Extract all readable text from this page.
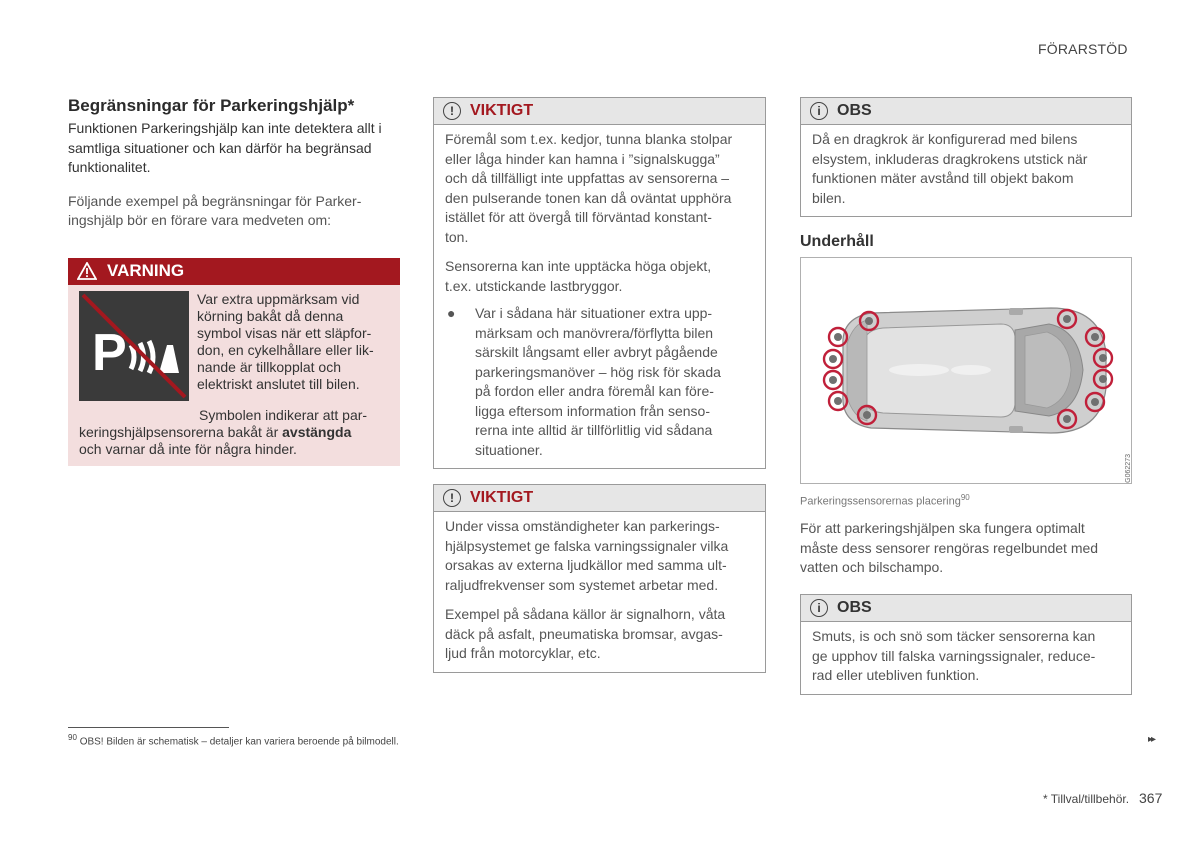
FÖRARSTÖD
Begränsningar för Parkeringshjälp*

Funktionen Parkeringshjälp kan inte detektera allt i samtliga situationer och kan därför ha begränsad funktionalitet.

Följande exempel på begränsningar för Parker-
ingshjälp bör en förare vara medveten om:

VARNING
P
Var extra uppmärksam vid
körning bakåt då denna
symbol visas när ett släpfor-
don, en cykelhållare eller lik-
nande är tillkopplat och
elektriskt anslutet till bilen.
Symbolen indikerar att par-
keringshjälpsensorerna bakåt är avstängda
och varnar då inte för några hinder.
!	VIKTIGT

Föremål som t.ex. kedjor, tunna blanka stolpar
eller låga hinder kan hamna i ”signalskugga”
och då tillfälligt inte uppfattas av sensorerna –
den pulserande tonen kan då oväntat upphöra
istället för att övergå till förväntad konstant-
ton.

Sensorerna kan inte upptäcka höga objekt,
t.ex. utstickande lastbryggor.

●	Var i sådana här situationer extra upp-
märksam och manövrera/förflytta bilen
särskilt långsamt eller avbryt pågående
parkeringsmanöver – hög risk för skada
på fordon eller andra föremål kan före-
ligga eftersom information från senso-
rerna inte alltid är tillförlitlig vid sådana
situationer.
!	VIKTIGT

Under vissa omständigheter kan parkerings-
hjälpsystemet ge falska varningssignaler vilka
orsakas av externa ljudkällor med samma ult-
raljudfrekvenser som systemet arbetar med.

Exempel på sådana källor är signalhorn, våta
däck på asfalt, pneumatiska bromsar, avgas-
ljud från motorcyklar, etc.

i	OBS
Då en dragkrok är konfigurerad med bilens
elsystem, inkluderas dragkrokens utstick när
funktionen mäter avstånd till objekt bakom
bilen.
Underhåll
G062273
Parkeringssensorernas placering$^{90}$
För att parkeringshjälpen ska fungera optimalt
måste dess sensorer rengöras regelbundet med
vatten och bilschampo.
i	OBS
Smuts, is och snö som täcker sensorerna kan
ge upphov till falska varningssignaler, reduce-
rad eller utebliven funktion.
$^{90}$ OBS! Bilden är schematisk – detaljer kan variera beroende på bilmodell.	▸▸
* Tillval/tillbehör. 367
